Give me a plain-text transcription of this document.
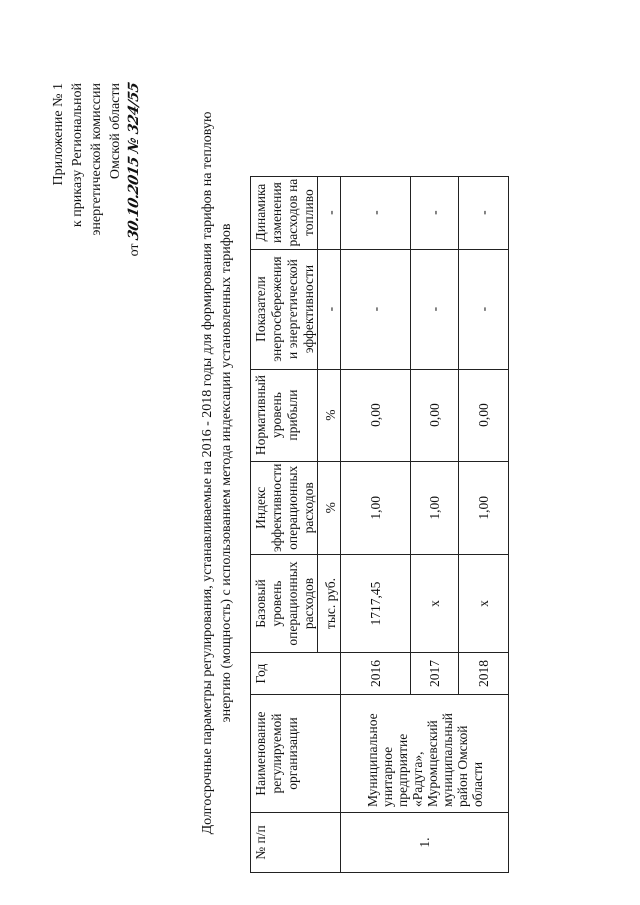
Приложение № 1 к приказу Региональной энергетической комиссии Омской области
от 30.10.2015 № 324/55	Долгосрочные параметры регулирования, устанавливаемые на 2016 - 2018 годы для формирования тарифов на тепловую энергию (мощность) с использованием метода индексации установленных тарифов
№ п/п	Наименование регулируемой организации	Год	Базовый уровень операционных расходов	Индекс эффективности операционных расходов	Нормативный уровень прибыли	Показатели энергосбережения и энергетической эффективности	Динамика изменения расходов на топливо
			тыс. руб.	%	%	-	-
1.	Муниципальное унитарное предприятие «Радуга», Муромцевский муниципальный район Омской области	2016	1717,45	1,00	0,00	-	-
		2017	x	1,00	0,00	-	-
		2018	x	1,00	0,00	-	-
